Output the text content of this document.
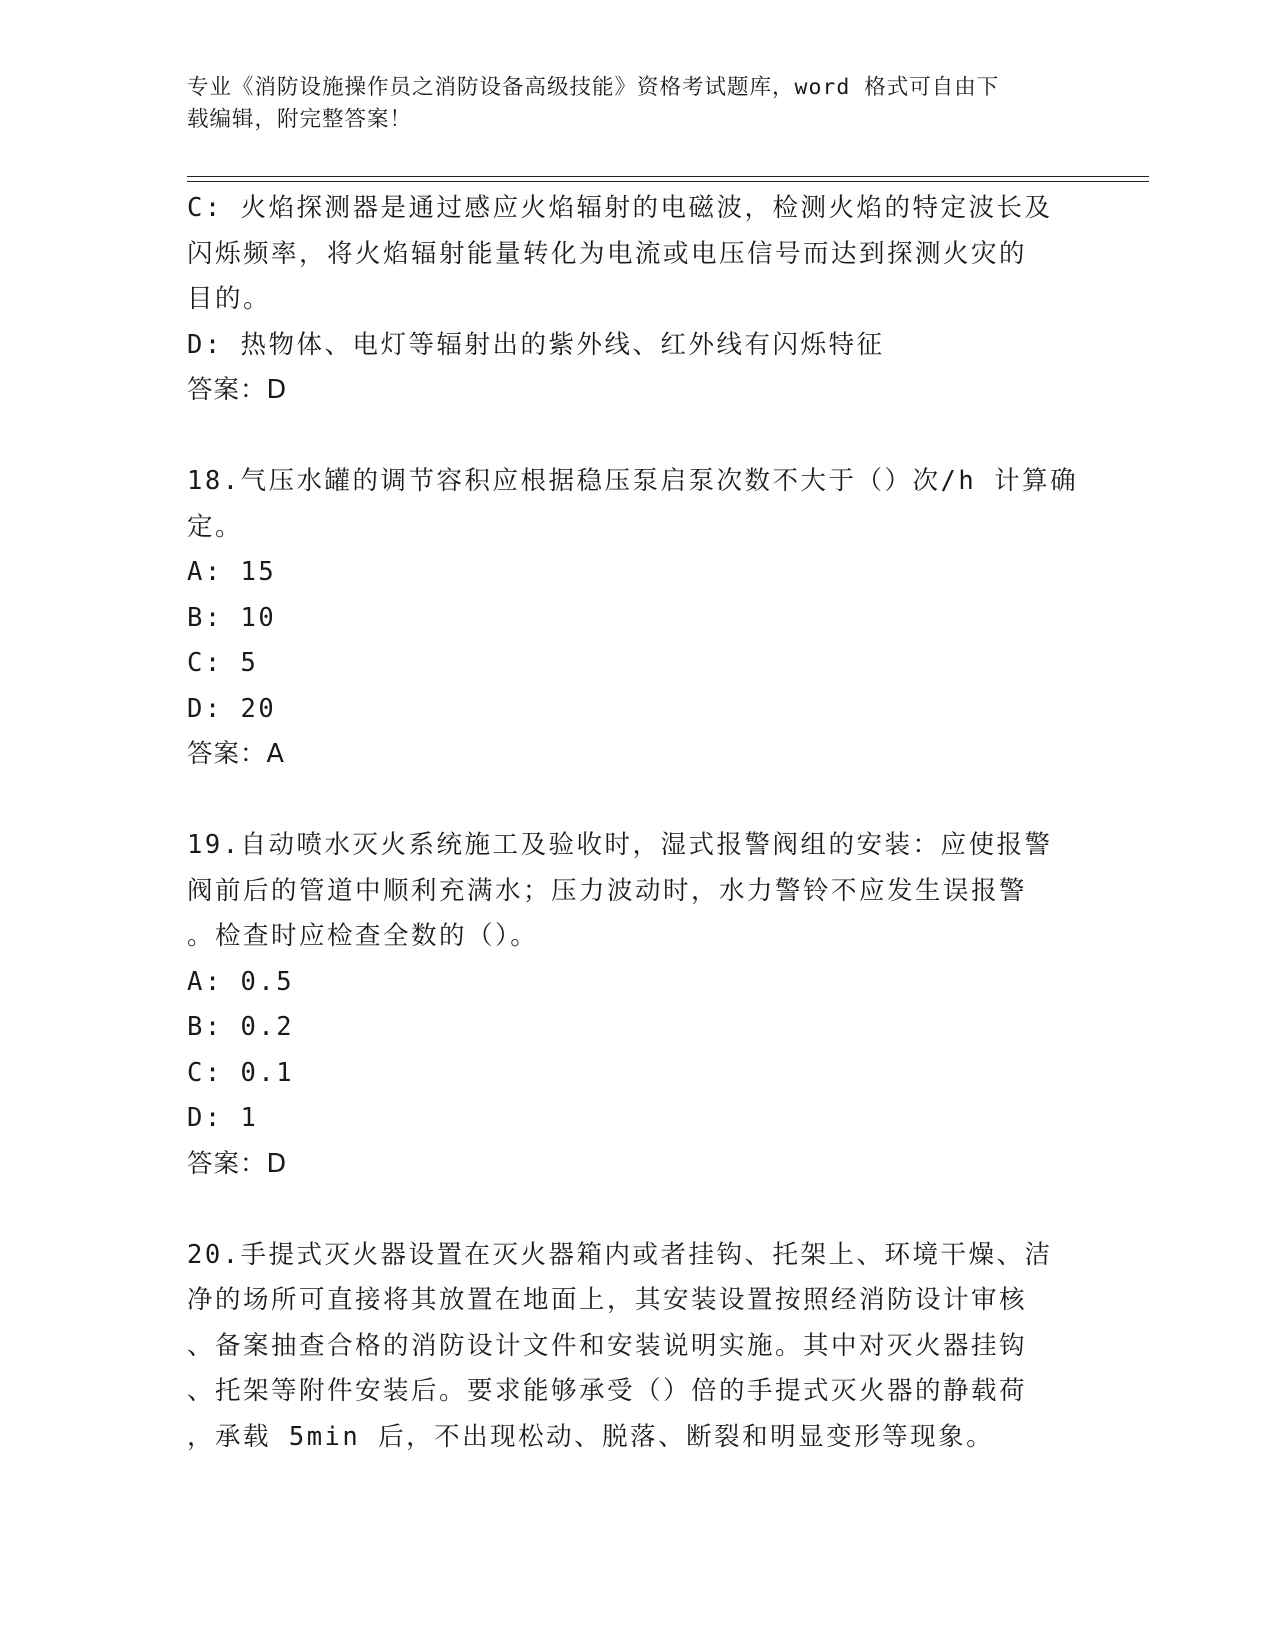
专业《消防设施操作员之消防设备高级技能》资格考试题库，word 格式可自由下
载编辑，附完整答案！
C: 火焰探测器是通过感应火焰辐射的电磁波，检测火焰的特定波长及
闪烁频率，将火焰辐射能量转化为电流或电压信号而达到探测火灾的
目的。
D: 热物体、电灯等辐射出的紫外线、红外线有闪烁特征
答案：D
18.气压水罐的调节容积应根据稳压泵启泵次数不大于（）次/h 计算确
定。
A: 15
B: 10
C: 5
D: 20
答案：A
19.自动喷水灭火系统施工及验收时，湿式报警阀组的安装：应使报警
阀前后的管道中顺利充满水；压力波动时，水力警铃不应发生误报警
。检查时应检查全数的（）。
A: 0.5
B: 0.2
C: 0.1
D: 1
答案：D
20.手提式灭火器设置在灭火器箱内或者挂钩、托架上、环境干燥、洁
净的场所可直接将其放置在地面上，其安装设置按照经消防设计审核
、备案抽查合格的消防设计文件和安装说明实施。其中对灭火器挂钩
、托架等附件安装后。要求能够承受（）倍的手提式灭火器的静载荷
，承载 5min 后，不出现松动、脱落、断裂和明显变形等现象。
